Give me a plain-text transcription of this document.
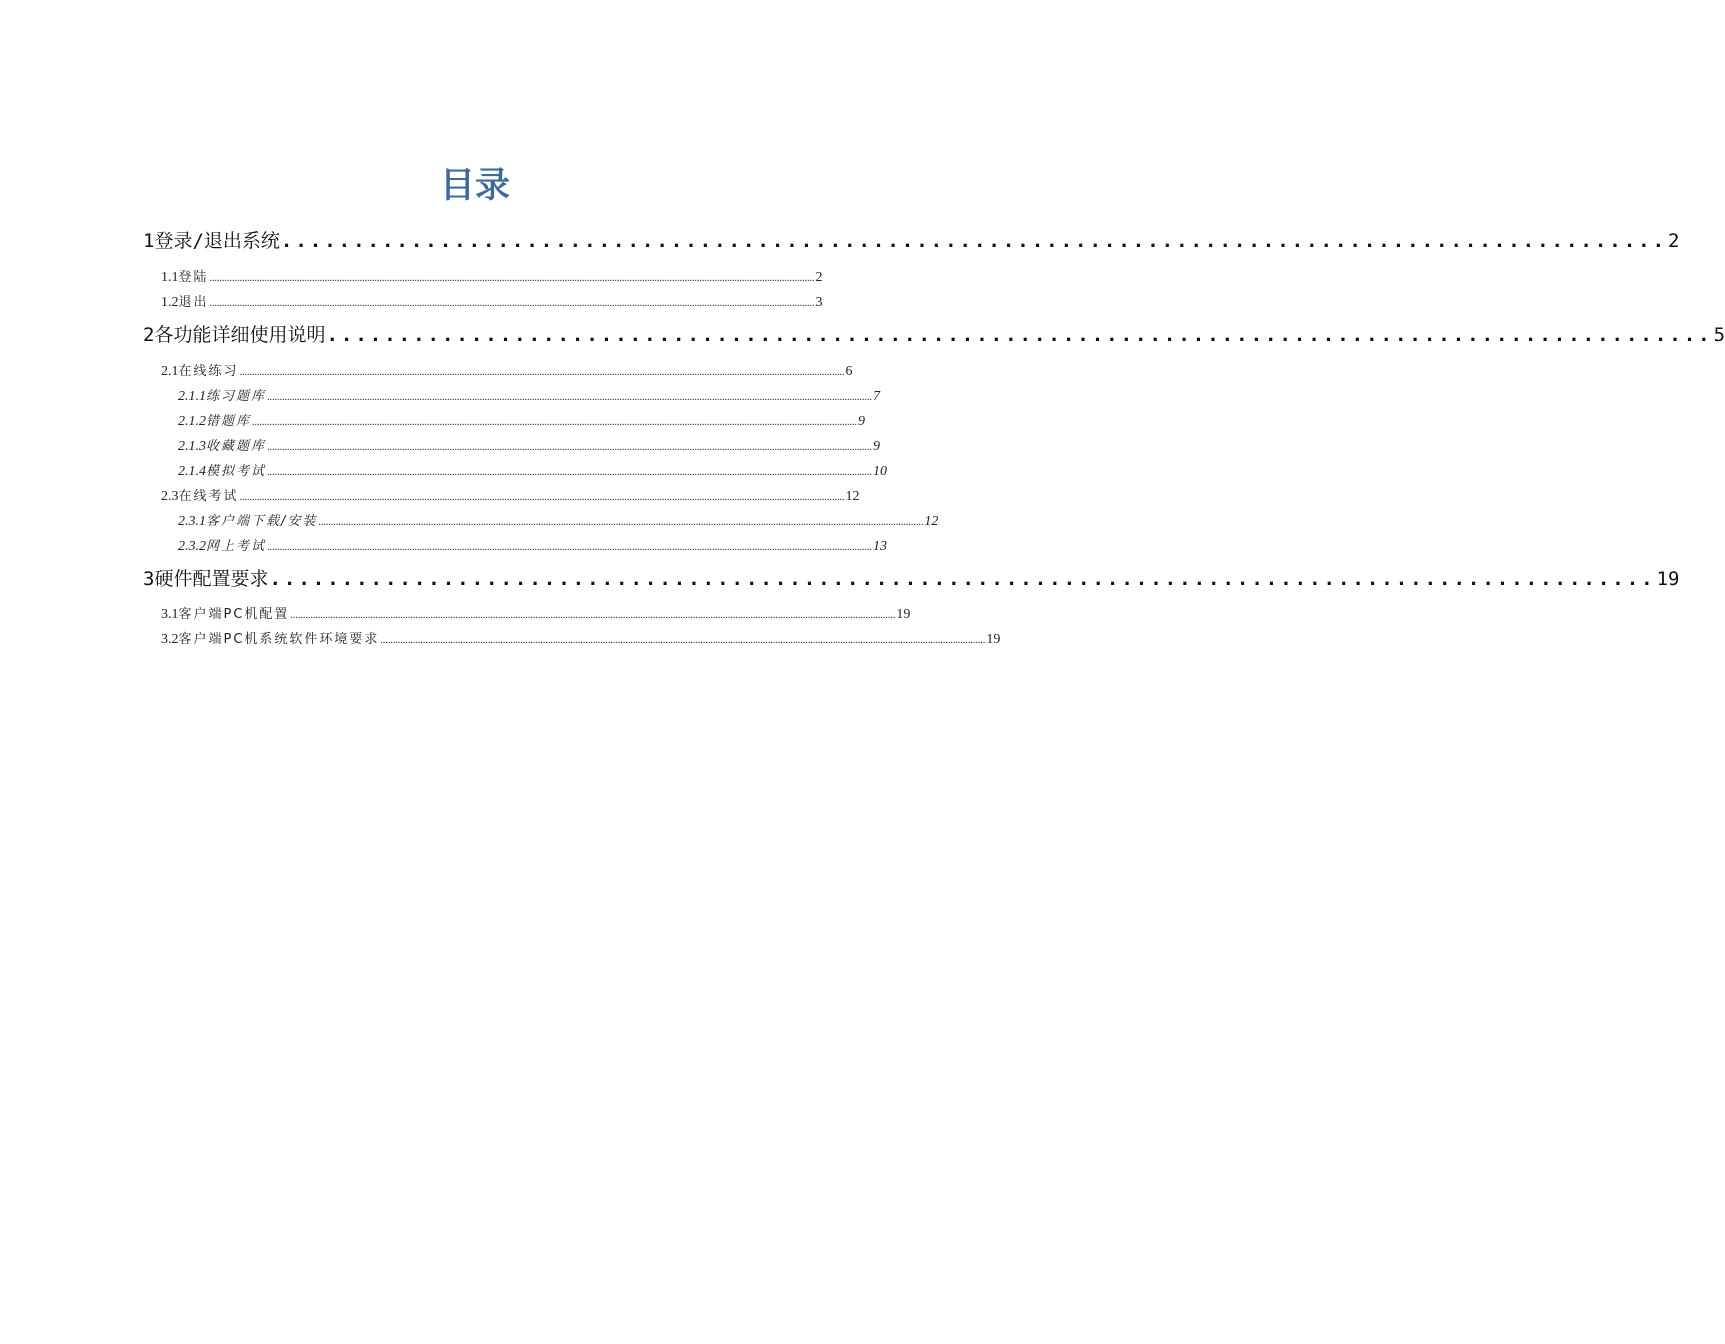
目录
1 登录/退出系统 ................................................................................................ 2
1.1 登陆 .................................................................................................................................................................................................................................................. 2
1.2 退出 .................................................................................................................................................................................................................................................. 3
2 各功能详细使用说明 ................................................................................................ 5
2.1 在线练习 .................................................................................................................................................................................................................................................. 6
2.1.1 练习题库 .................................................................................................................................................................................................................................................. 7
2.1.2 错题库 .................................................................................................................................................................................................................................................. 9
2.1.3 收藏题库 .................................................................................................................................................................................................................................................. 9
2.1.4 模拟考试 .................................................................................................................................................................................................................................................. 10
2.3 在线考试 .................................................................................................................................................................................................................................................. 12
2.3.1 客户端下载/安装 .................................................................................................................................................................................................................................................. 12
2.3.2 网上考试 .................................................................................................................................................................................................................................................. 13
3 硬件配置要求 ................................................................................................ 19
3.1 客户端PC机配置 .................................................................................................................................................................................................................................................. 19
3.2 客户端PC机系统软件环境要求 .................................................................................................................................................................................................................................................. 19
